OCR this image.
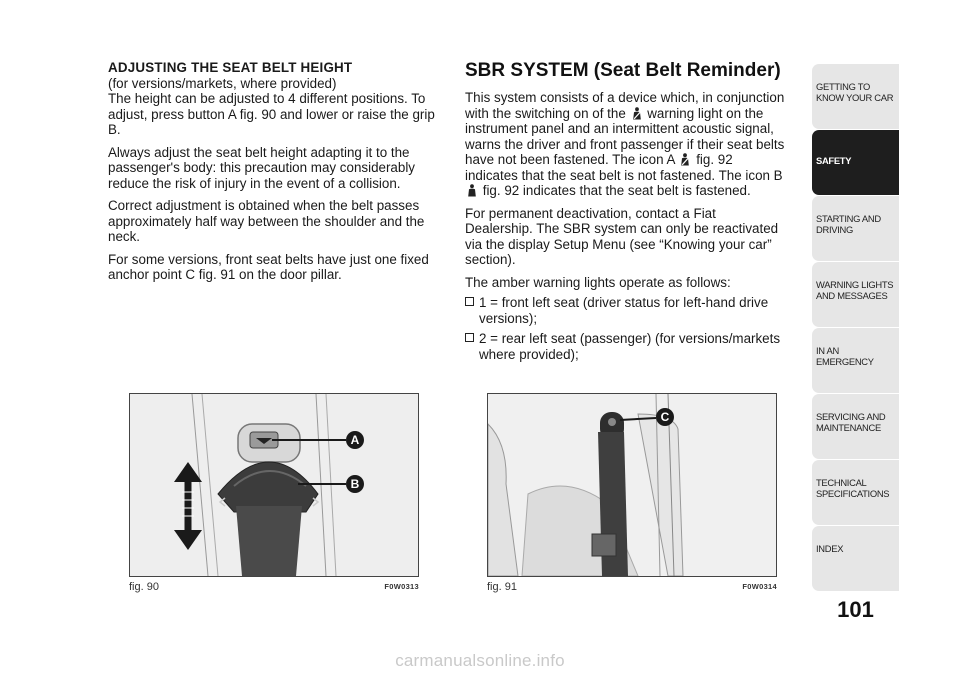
ADJUSTING THE SEAT BELT HEIGHT
(for versions/markets, where provided)

The height can be adjusted to 4 different positions. To adjust, press button A fig. 90 and lower or raise the grip B.

Always adjust the seat belt height adapting it to the passenger's body: this precaution may considerably reduce the risk of injury in the event of a collision.

Correct adjustment is obtained when the belt passes approximately half way between the shoulder and the neck.

For some versions, front seat belts have just one fixed anchor point C fig. 91 on the door pillar.

SBR SYSTEM (Seat Belt Reminder)

This system consists of a device which, in conjunction with the switching on of the warning light on the instrument panel and an intermittent acoustic signal, warns the driver and front passenger if their seat belts have not been fastened. The icon A fig. 92 indicates that the seat belt is not fastened. The icon B  fig. 92 indicates that the seat belt is fastened.

For permanent deactivation, contact a Fiat Dealership. The SBR system can only be reactivated via the display Setup Menu (see “Knowing your car” section).

The amber warning lights operate as follows:

1 = front left seat (driver status for left-hand drive versions);
2 = rear left seat (passenger) (for versions/markets where provided);
A
B
fig. 90	F0W0313
C
fig. 91	F0W0314
GETTING TO KNOW YOUR CAR
SAFETY
STARTING AND DRIVING
WARNING LIGHTS AND MESSAGES
IN AN EMERGENCY
SERVICING AND MAINTENANCE
TECHNICAL SPECIFICATIONS
INDEX
101
carmanualsonline.info
